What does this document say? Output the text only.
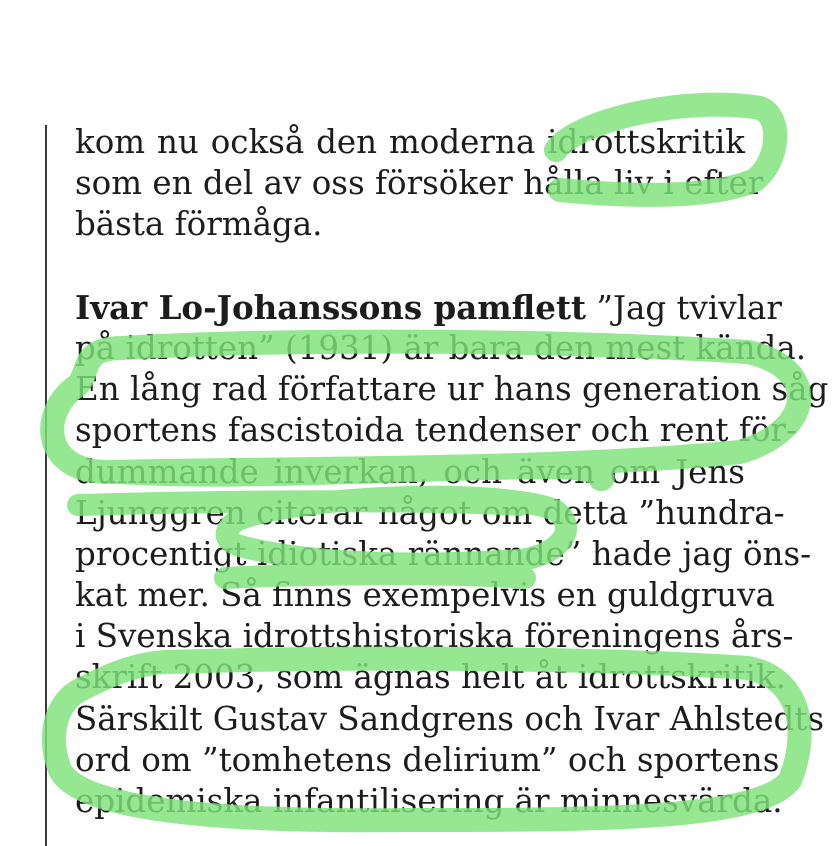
kom nu också den moderna idrottskritik
som en del av oss försöker hålla liv i efter
bästa förmåga.
Ivar Lo-Johanssons pamflett ”Jag tvivlar
på idrotten” (1931) är bara den mest kända.
En lång rad författare ur hans generation såg
sportens fascistoida tendenser och rent för-
dummande inverkan, och även om Jens
Ljunggren citerar något om detta ”hundra-
procentigt idiotiska rännande” hade jag öns-
kat mer. Så finns exempelvis en guldgruva
i Svenska idrottshistoriska föreningens års-
skrift 2003, som ägnas helt åt idrottskritik.
Särskilt Gustav Sandgrens och Ivar Ahlstedts
ord om ”tomhetens delirium” och sportens
epidemiska infantilisering är minnesvärda.
